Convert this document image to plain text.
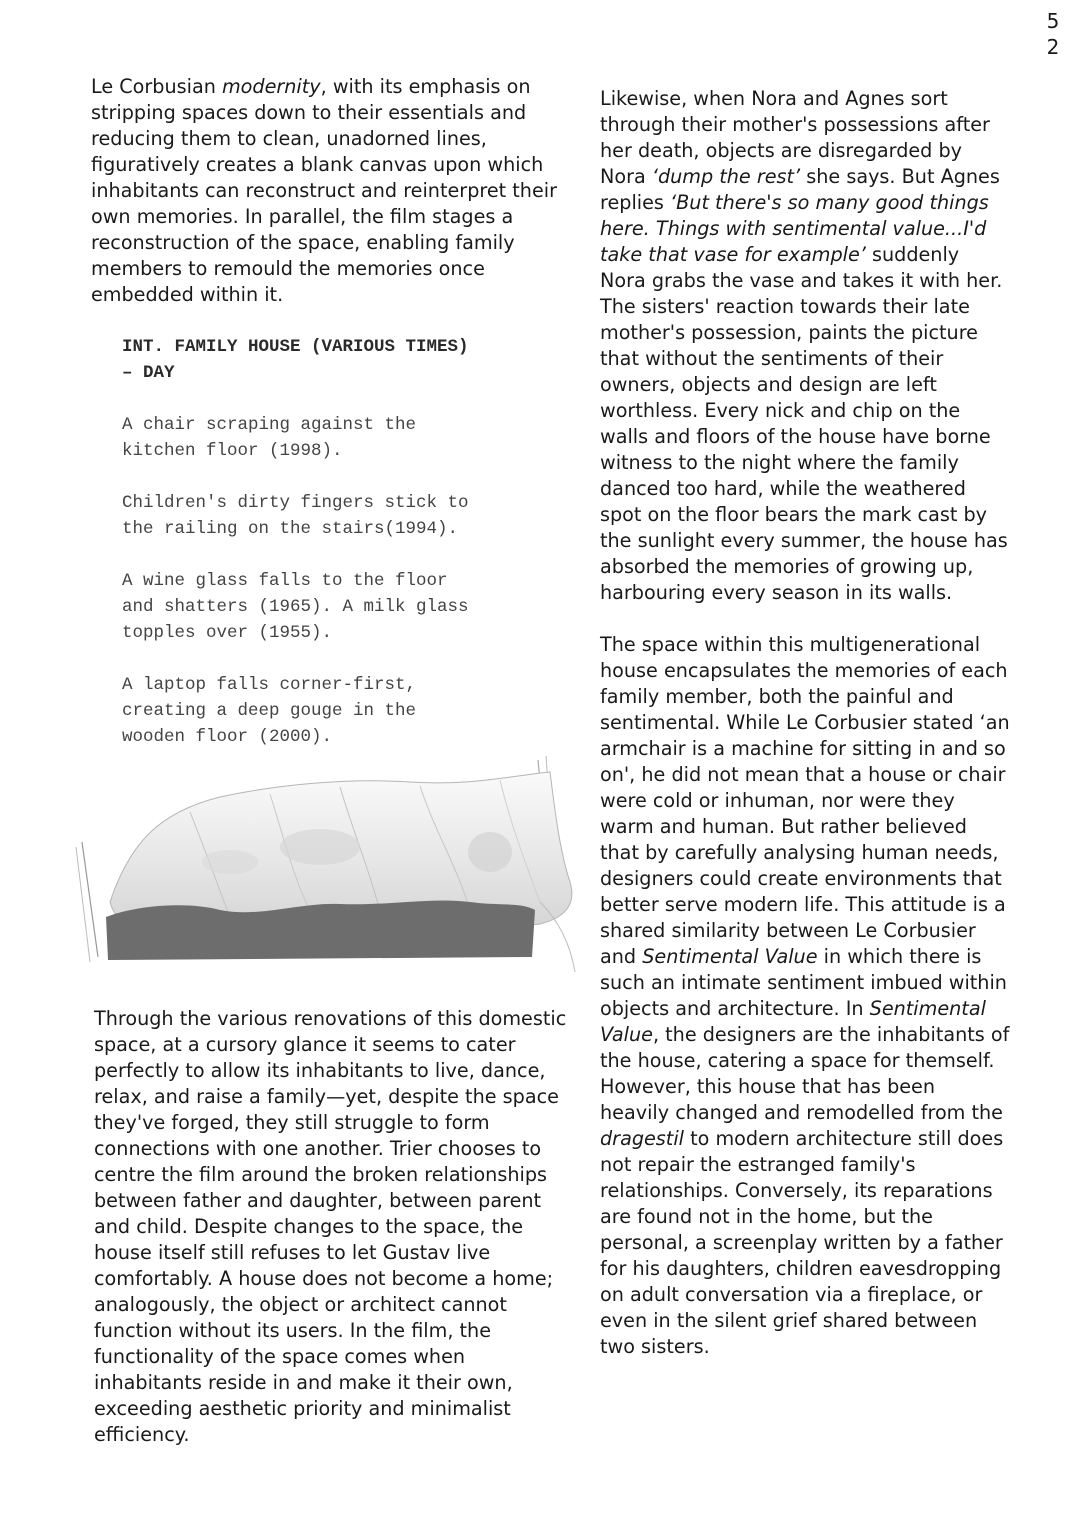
5
2

Le Corbusian modernity, with its emphasis on stripping spaces down to their essentials and reducing them to clean, unadorned lines, figuratively creates a blank canvas upon which inhabitants can reconstruct and reinterpret their own memories. In parallel, the film stages a reconstruction of the space, enabling family members to remould the memories once embedded within it.

INT. FAMILY HOUSE (VARIOUS TIMES)
– DAY

A chair scraping against the
kitchen floor (1998).

Children's dirty fingers stick to
the railing on the stairs(1994).

A wine glass falls to the floor
and shatters (1965). A milk glass
topples over (1955).

A laptop falls corner-first,
creating a deep gouge in the
wooden floor (2000).

Through the various renovations of this domestic space, at a cursory glance it seems to cater perfectly to allow its inhabitants to live, dance, relax, and raise a family—yet, despite the space they've forged, they still struggle to form connections with one another. Trier chooses to centre the film around the broken relationships between father and daughter, between parent and child. Despite changes to the space, the house itself still refuses to let Gustav live comfortably. A house does not become a home; analogously, the object or architect cannot function without its users. In the film, the functionality of the space comes when inhabitants reside in and make it their own, exceeding aesthetic priority and minimalist efficiency.

Likewise, when Nora and Agnes sort through their mother's possessions after her death, objects are disregarded by Nora ‘dump the rest’ she says. But Agnes replies ‘But there's so many good things here. Things with sentimental value...I'd take that vase for example’ suddenly Nora grabs the vase and takes it with her. The sisters' reaction towards their late mother's possession, paints the picture that without the sentiments of their owners, objects and design are left worthless. Every nick and chip on the walls and floors of the house have borne witness to the night where the family danced too hard, while the weathered spot on the floor bears the mark cast by the sunlight every summer, the house has absorbed the memories of growing up, harbouring every season in its walls.

The space within this multigenerational house encapsulates the memories of each family member, both the painful and sentimental. While Le Corbusier stated ‘an armchair is a machine for sitting in and so on', he did not mean that a house or chair were cold or inhuman, nor were they warm and human. But rather believed that by carefully analysing human needs, designers could create environments that better serve modern life. This attitude is a shared similarity between Le Corbusier and Sentimental Value in which there is such an intimate sentiment imbued within objects and architecture. In Sentimental Value, the designers are the inhabitants of the house, catering a space for themself. However, this house that has been heavily changed and remodelled from the dragestil to modern architecture still does not repair the estranged family's relationships. Conversely, its reparations are found not in the home, but the personal, a screenplay written by a father for his daughters, children eavesdropping on adult conversation via a fireplace, or even in the silent grief shared between two sisters.
